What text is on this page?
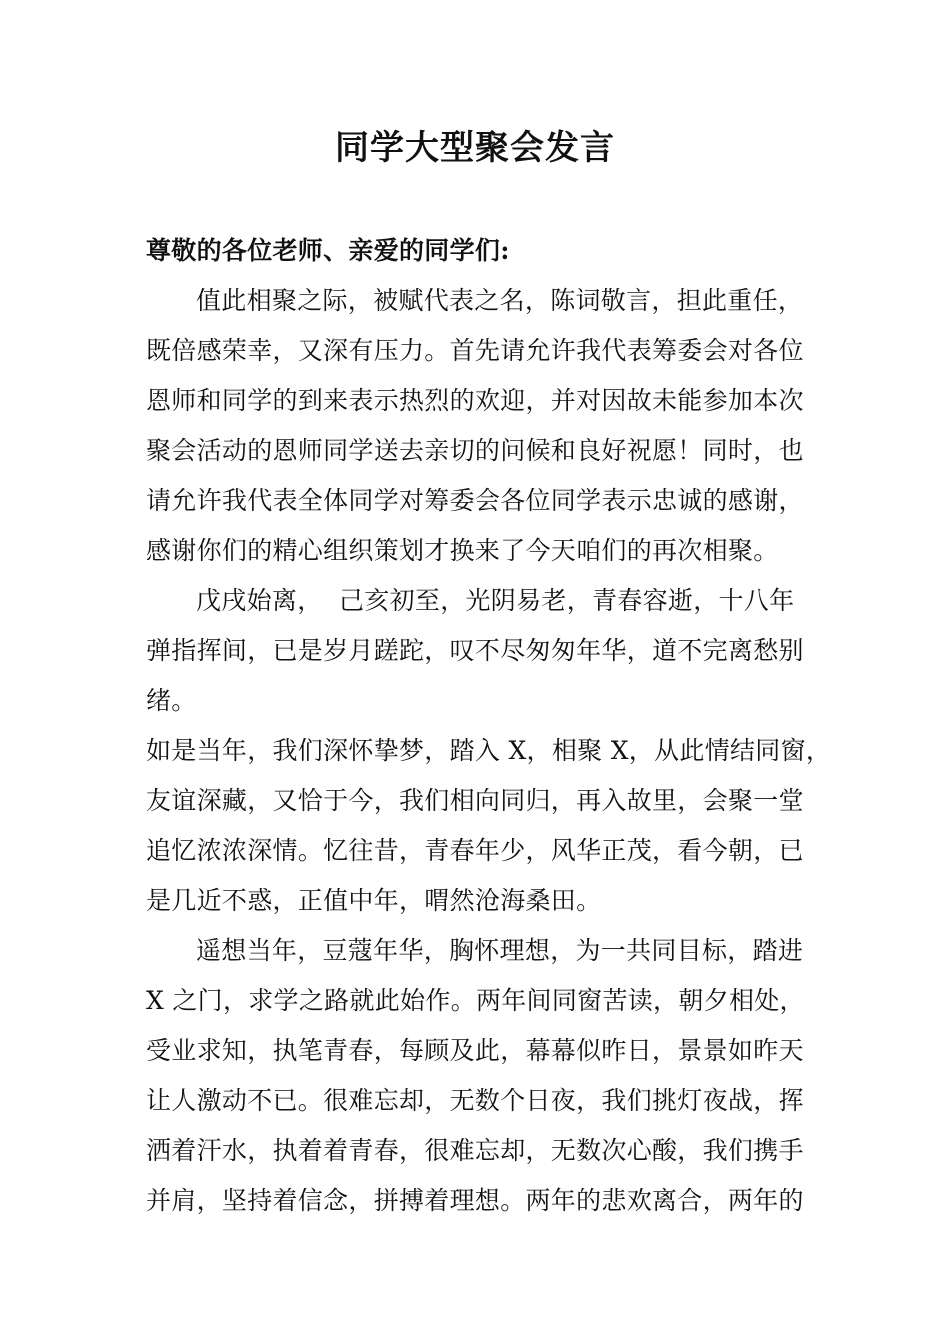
同学大型聚会发言
尊敬的各位老师、亲爱的同学们:
值此相聚之际，被赋代表之名，陈词敬言，担此重任，
既倍感荣幸，又深有压力。首先请允许我代表筹委会对各位
恩师和同学的到来表示热烈的欢迎，并对因故未能参加本次
聚会活动的恩师同学送去亲切的问候和良好祝愿！同时，也
请允许我代表全体同学对筹委会各位同学表示忠诚的感谢，
感谢你们的精心组织策划才换来了今天咱们的再次相聚。
戊戌始离，  己亥初至，光阴易老，青春容逝，十八年
弹指挥间，已是岁月蹉跎，叹不尽匆匆年华，道不完离愁别
绪。
如是当年，我们深怀挚梦，踏入 X，相聚 X，从此情结同窗，
友谊深藏，又恰于今，我们相向同归，再入故里，会聚一堂
追忆浓浓深情。忆往昔，青春年少，风华正茂，看今朝，已
是几近不惑，正值中年，喟然沧海桑田。
遥想当年，豆蔻年华，胸怀理想，为一共同目标，踏进
X 之门，求学之路就此始作。两年间同窗苦读，朝夕相处，
受业求知，执笔青春，每顾及此，幕幕似昨日，景景如昨天
让人激动不已。很难忘却，无数个日夜，我们挑灯夜战，挥
洒着汗水，执着着青春，很难忘却，无数次心酸，我们携手
并肩，坚持着信念，拼搏着理想。两年的悲欢离合，两年的
